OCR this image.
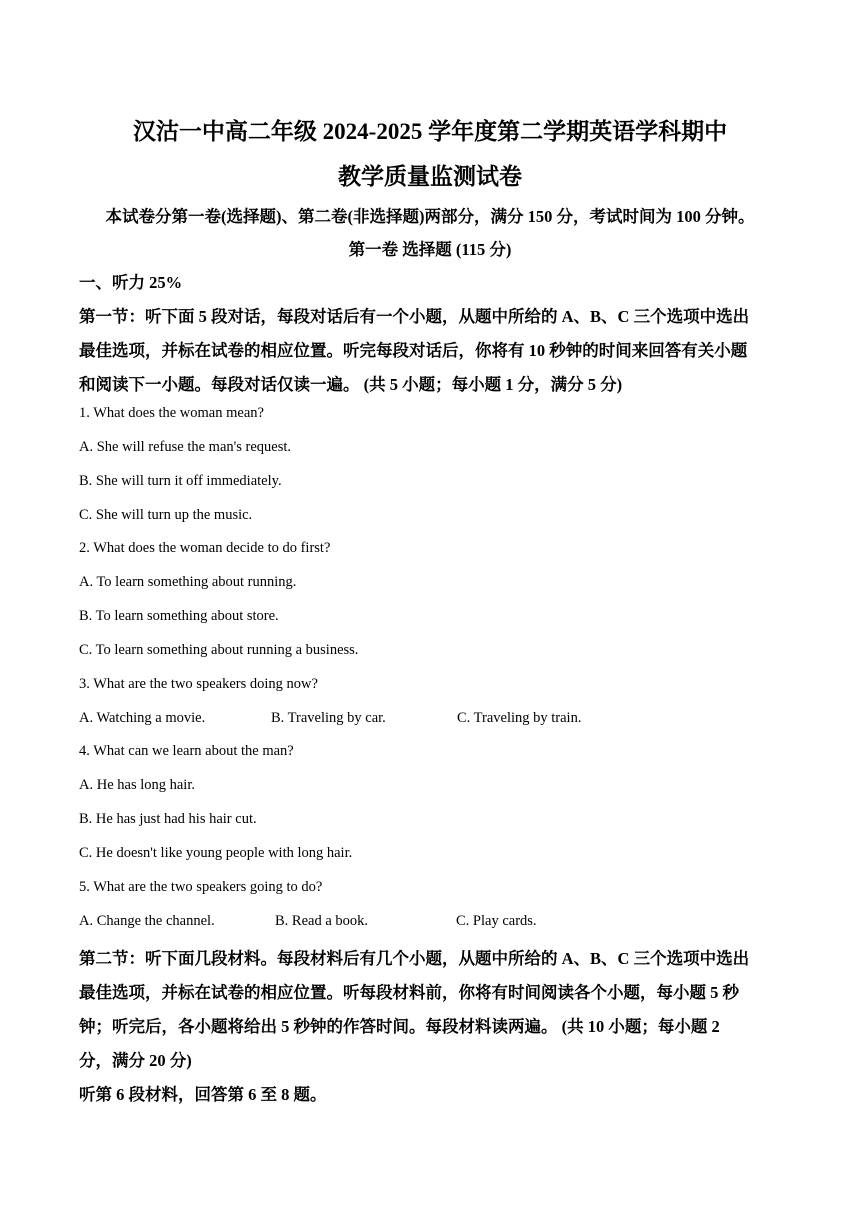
汉沽一中高二年级 2024-2025 学年度第二学期英语学科期中
教学质量监测试卷
本试卷分第一卷(选择题)、第二卷(非选择题)两部分，满分 150 分，考试时间为 100 分钟。
第一卷 选择题 (115 分)
一、听力 25%
第一节：听下面 5 段对话，每段对话后有一个小题，从题中所给的 A、B、C 三个选项中选出
最佳选项，并标在试卷的相应位置。听完每段对话后，你将有 10 秒钟的时间来回答有关小题
和阅读下一小题。每段对话仅读一遍。 (共 5 小题；每小题 1 分，满分 5 分)
1. What does the woman mean?
A. She will refuse the man's request.
B. She will turn it off immediately.
C. She will turn up the music.
2. What does the woman decide to do first?
A. To learn something about running.
B. To learn something about store.
C. To learn something about running a business.
3. What are the two speakers doing now?
A. Watching a movie.	B. Traveling by car.	C. Traveling by train.
4. What can we learn about the man?
A. He has long hair.
B. He has just had his hair cut.
C. He doesn't like young people with long hair.
5. What are the two speakers going to do?
A. Change the channel.	B. Read a book.	C. Play cards.
第二节：听下面几段材料。每段材料后有几个小题，从题中所给的 A、B、C 三个选项中选出
最佳选项，并标在试卷的相应位置。听每段材料前，你将有时间阅读各个小题，每小题 5 秒
钟；听完后，各小题将给出 5 秒钟的作答时间。每段材料读两遍。 (共 10 小题；每小题 2
分，满分 20 分)
听第 6 段材料，回答第 6 至 8 题。
